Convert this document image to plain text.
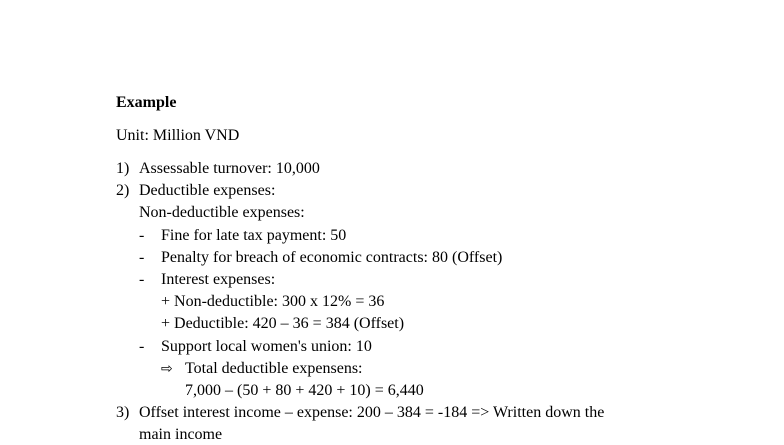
Example
Unit: Million VND
1) Assessable turnover: 10,000
2) Deductible expenses:
Non-deductible expenses:
- Fine for late tax payment: 50
- Penalty for breach of economic contracts: 80 (Offset)
- Interest expenses:
+ Non-deductible: 300 x 12% = 36
+ Deductible: 420 – 36 = 384 (Offset)
- Support local women's union: 10
⇨ Total deductible expensens:
7,000 – (50 + 80 + 420 + 10) = 6,440
3) Offset interest income – expense: 200 – 384 = -184 => Written down the
main income
